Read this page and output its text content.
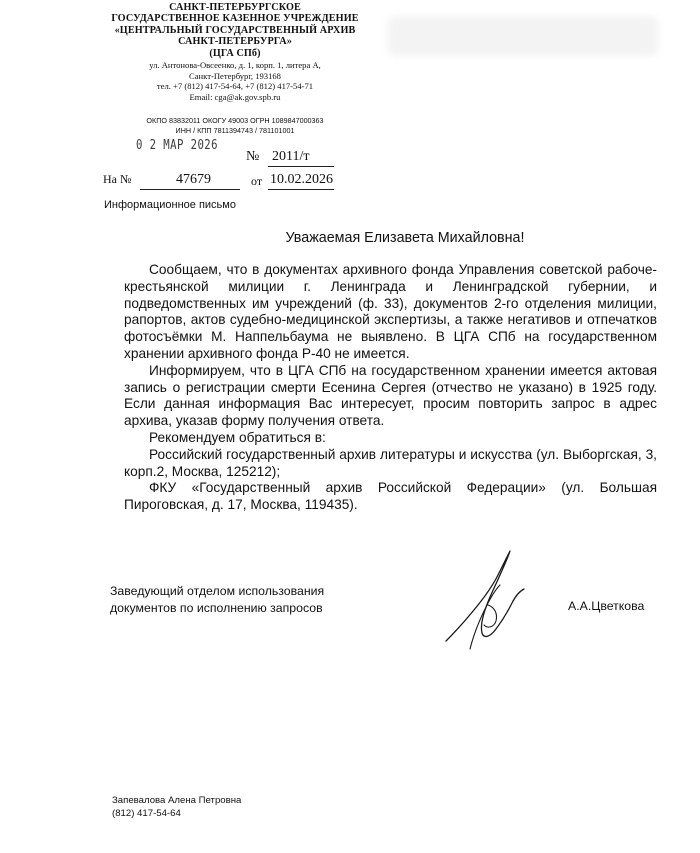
САНКТ-ПЕТЕРБУРГСКОЕ
ГОСУДАРСТВЕННОЕ КАЗЕННОЕ УЧРЕЖДЕНИЕ
«ЦЕНТРАЛЬНЫЙ ГОСУДАРСТВЕННЫЙ АРХИВ
САНКТ-ПЕТЕРБУРГА»
(ЦГА СПб)
ул. Антонова-Овсеенко, д. 1, корп. 1, литера А,
Санкт-Петербург, 193168
тел. +7 (812) 417-54-64, +7 (812) 417-54-71
Email: cga@ak.gov.spb.ru
ОКПО 83832011 ОКОГУ 49003 ОГРН 1089847000363
ИНН / КПП 7811394743 / 781101001
0 2 МАР 2026
№ 2011/т
На №	47679	от 10.02.2026
Информационное письмо
Уважаемая Елизавета Михайловна!

Сообщаем, что в документах архивного фонда Управления советской рабоче-крестьянской милиции г. Ленинграда и Ленинградской губернии, и подведомственных им учреждений (ф. 33), документов 2-го отделения милиции, рапортов, актов судебно-медицинской экспертизы, а также негативов и отпечатков фотосъёмки М. Наппельбаума не выявлено. В ЦГА СПб на государственном хранении архивного фонда Р-40 не имеется.

Информируем, что в ЦГА СПб на государственном хранении имеется актовая запись о регистрации смерти Есенина Сергея (отчество не указано) в 1925 году. Если данная информация Вас интересует, просим повторить запрос в адрес архива, указав форму получения ответа.

Рекомендуем обратиться в:

Российский государственный архив литературы и искусства (ул. Выборгская, 3, корп.2, Москва, 125212);

ФКУ «Государственный архив Российской Федерации» (ул. Большая Пироговская, д. 17, Москва, 119435).

Заведующий отделом использования
документов по исполнению запросов	А.А.Цветкова
Запевалова Алена Петровна
(812) 417-54-64
